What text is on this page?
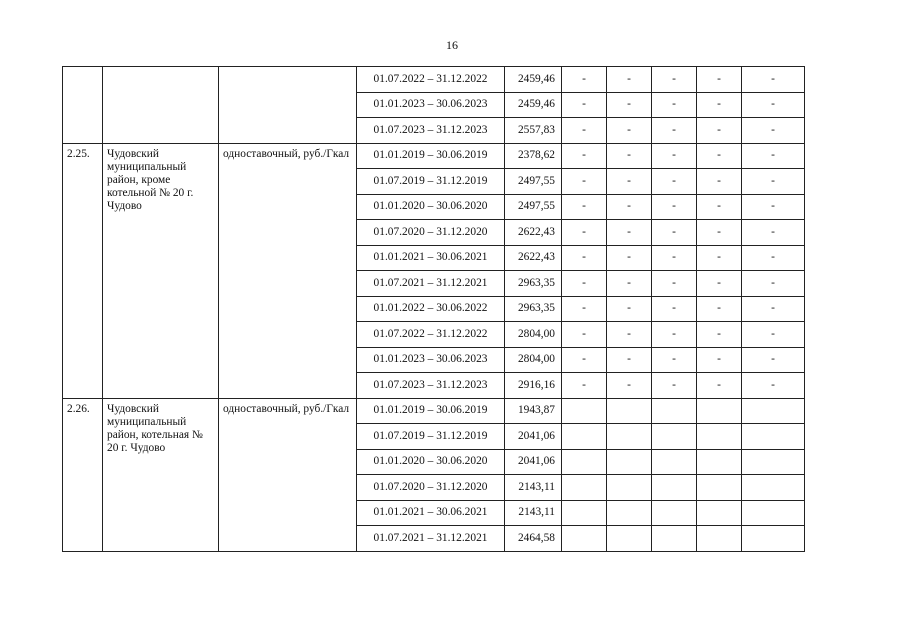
16
			01.07.2022 – 31.12.2022	2459,46	-	-	-	-	-
			01.01.2023 – 30.06.2023	2459,46	-	-	-	-	-
			01.07.2023 – 31.12.2023	2557,83	-	-	-	-	-
2.25.	Чудовский муниципальный район, кроме котельной № 20 г. Чудово	одноставочный, руб./Гкал	01.01.2019 – 30.06.2019	2378,62	-	-	-	-	-
			01.07.2019 – 31.12.2019	2497,55	-	-	-	-	-
			01.01.2020 – 30.06.2020	2497,55	-	-	-	-	-
			01.07.2020 – 31.12.2020	2622,43	-	-	-	-	-
			01.01.2021 – 30.06.2021	2622,43	-	-	-	-	-
			01.07.2021 – 31.12.2021	2963,35	-	-	-	-	-
			01.01.2022 – 30.06.2022	2963,35	-	-	-	-	-
			01.07.2022 – 31.12.2022	2804,00	-	-	-	-	-
			01.01.2023 – 30.06.2023	2804,00	-	-	-	-	-
			01.07.2023 – 31.12.2023	2916,16	-	-	-	-	-
2.26.	Чудовский муниципальный район, котельная № 20 г. Чудово	одноставочный, руб./Гкал	01.01.2019 – 30.06.2019	1943,87					
			01.07.2019 – 31.12.2019	2041,06					
			01.01.2020 – 30.06.2020	2041,06					
			01.07.2020 – 31.12.2020	2143,11					
			01.01.2021 – 30.06.2021	2143,11					
			01.07.2021 – 31.12.2021	2464,58					
